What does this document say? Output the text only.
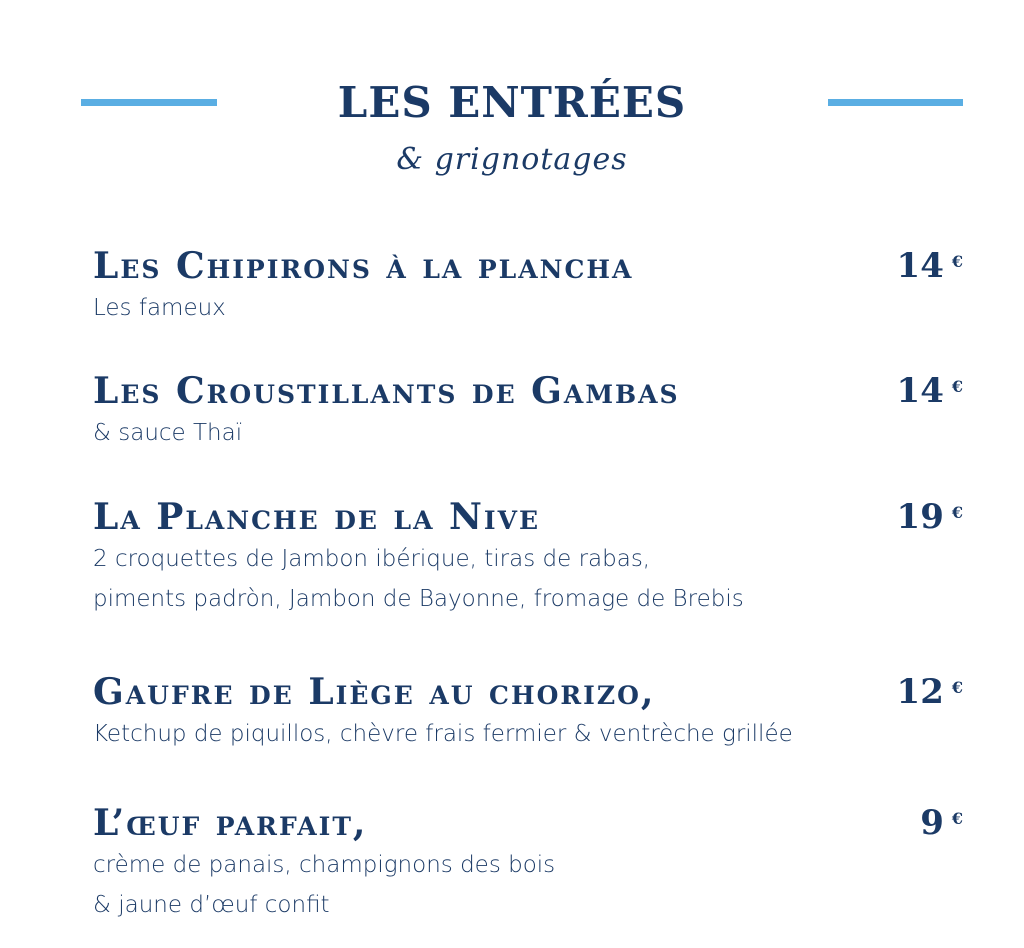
LES ENTRÉES
& grignotages
Les Chipirons à la plancha	14 €
Les fameux
Les Croustillants de Gambas	14 €
& sauce Thaï
La Planche de la Nive	19 €
2 croquettes de Jambon ibérique, tiras de rabas,
piments padròn, Jambon de Bayonne, fromage de Brebis
Gaufre de Liège au chorizo,	12 €
Ketchup de piquillos, chèvre frais fermier & ventrèche grillée
L’œuf parfait,	9 €
crème de panais, champignons des bois
& jaune d’œuf confit
